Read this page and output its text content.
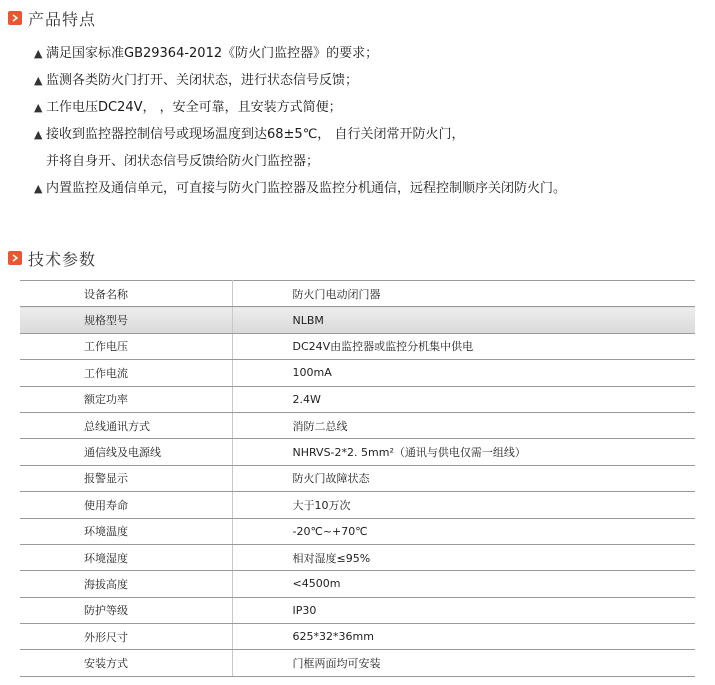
产品特点
▲ 满足国家标准GB29364-2012《防火门监控器》的要求；
▲ 监测各类防火门打开、关闭状态，进行状态信号反馈；
▲ 工作电压DC24V， ，安全可靠，且安装方式简便；
▲ 接收到监控器控制信号或现场温度到达68±5℃， 自行关闭常开防火门，
并将自身开、闭状态信号反馈给防火门监控器；
▲ 内置监控及通信单元，可直接与防火门监控器及监控分机通信，远程控制顺序关闭防火门。
技术参数
设备名称	防火门电动闭门器
规格型号	NLBM
工作电压	DC24V由监控器或监控分机集中供电
工作电流	100mA
额定功率	2.4W
总线通讯方式	消防二总线
通信线及电源线	NHRVS-2*2. 5mm²（通讯与供电仅需一组线）
报警显示	防火门故障状态
使用寿命	大于10万次
环境温度	-20℃~+70℃
环境湿度	相对湿度≤95%
海拔高度	<4500m
防护等级	IP30
外形尺寸	625*32*36mm
安装方式	门框两面均可安装
